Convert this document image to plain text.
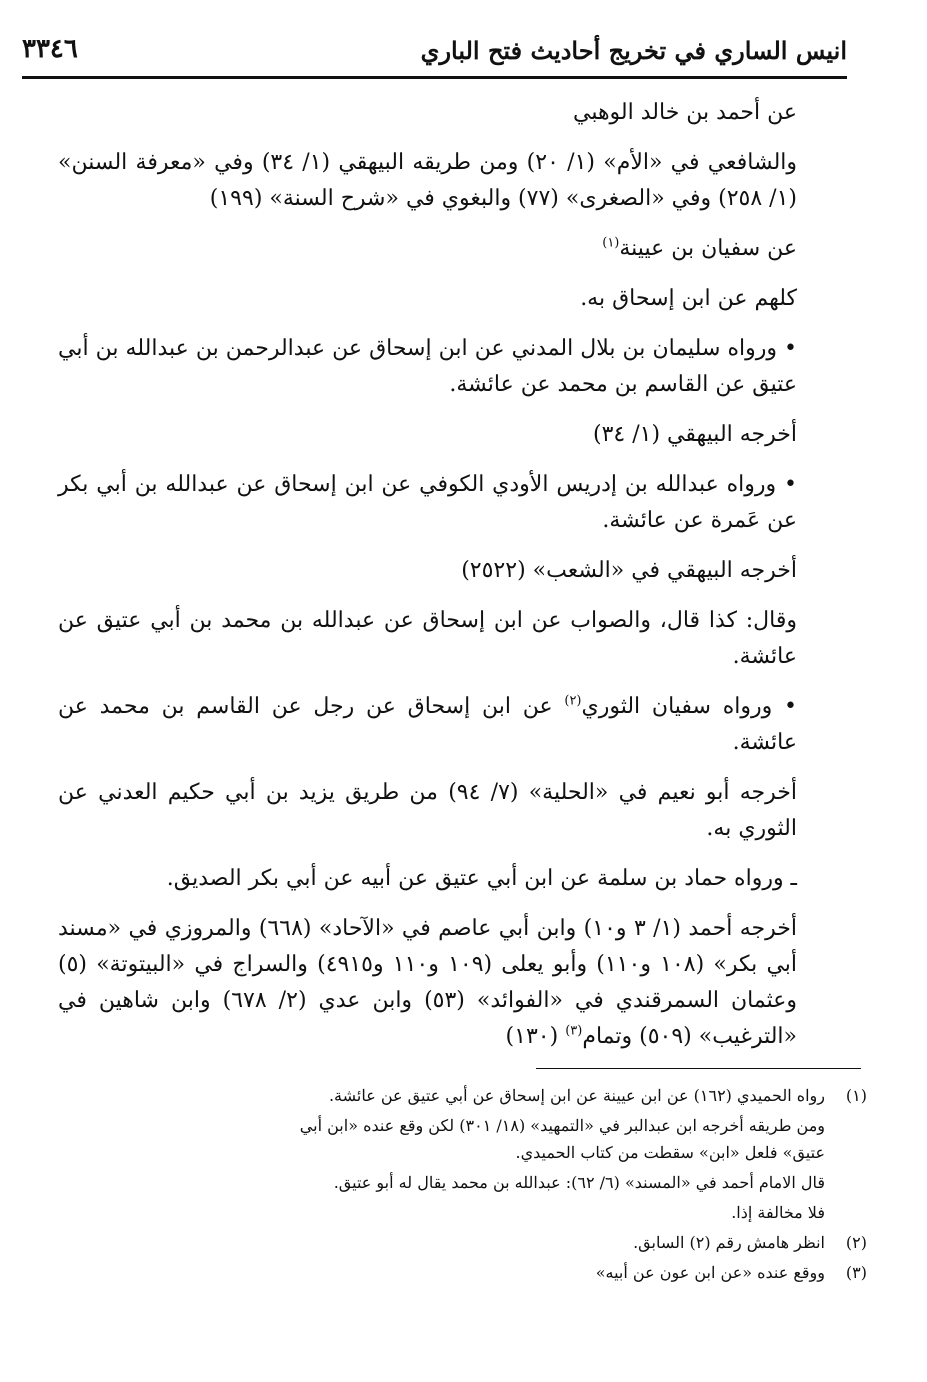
انيس الساري في تخريج أحاديث فتح الباري
٣٣٤٦

عن أحمد بن خالد الوهبي

والشافعي في «الأم» (١/ ٢٠) ومن طريقه البيهقي (١/ ٣٤) وفي «معرفة السنن» (١/ ٢٥٨) وفي «الصغرى» (٧٧) والبغوي في «شرح السنة» (١٩٩)

عن سفيان بن عيينة$^{(١)}$

كلهم عن ابن إسحاق به.

• ورواه سليمان بن بلال المدني عن ابن إسحاق عن عبدالرحمن بن عبدالله بن أبي عتيق عن القاسم بن محمد عن عائشة.

أخرجه البيهقي (١/ ٣٤)

• ورواه عبدالله بن إدريس الأودي الكوفي عن ابن إسحاق عن عبدالله بن أبي بكر عن عَمرة عن عائشة.

أخرجه البيهقي في «الشعب» (٢٥٢٢)

وقال: كذا قال، والصواب عن ابن إسحاق عن عبدالله بن محمد بن أبي عتيق عن عائشة.

• ورواه سفيان الثوري$^{(٢)}$ عن ابن إسحاق عن رجل عن القاسم بن محمد عن عائشة.

أخرجه أبو نعيم في «الحلية» (٧/ ٩٤) من طريق يزيد بن أبي حكيم العدني عن الثوري به.

ـ ورواه حماد بن سلمة عن ابن أبي عتيق عن أبيه عن أبي بكر الصديق.

أخرجه أحمد (١/ ٣ و١٠) وابن أبي عاصم في «الآحاد» (٦٦٨) والمروزي في «مسند أبي بكر» (١٠٨ و١١٠) وأبو يعلى (١٠٩ و١١٠ و٤٩١٥) والسراج في «البيتوتة» (٥) وعثمان السمرقندي في «الفوائد» (٥٣) وابن عدي (٢/ ٦٧٨) وابن شاهين في «الترغيب» (٥٠٩) وتمام$^{(٣)}$ (١٣٠)

(١)
رواه الحميدي (١٦٢) عن ابن عيينة عن ابن إسحاق عن أبي عتيق عن عائشة.
ومن طريقه أخرجه ابن عبدالبر في «التمهيد» (١٨/ ٣٠١) لكن وقع عنده «ابن أبي عتيق» فلعل «ابن» سقطت من كتاب الحميدي.
قال الامام أحمد في «المسند» (٦/ ٦٢): عبدالله بن محمد يقال له أبو عتيق.
فلا مخالفة إذا.
(٢)
انظر هامش رقم (٢) السابق.
(٣)
ووقع عنده «عن ابن عون عن أبيه»
